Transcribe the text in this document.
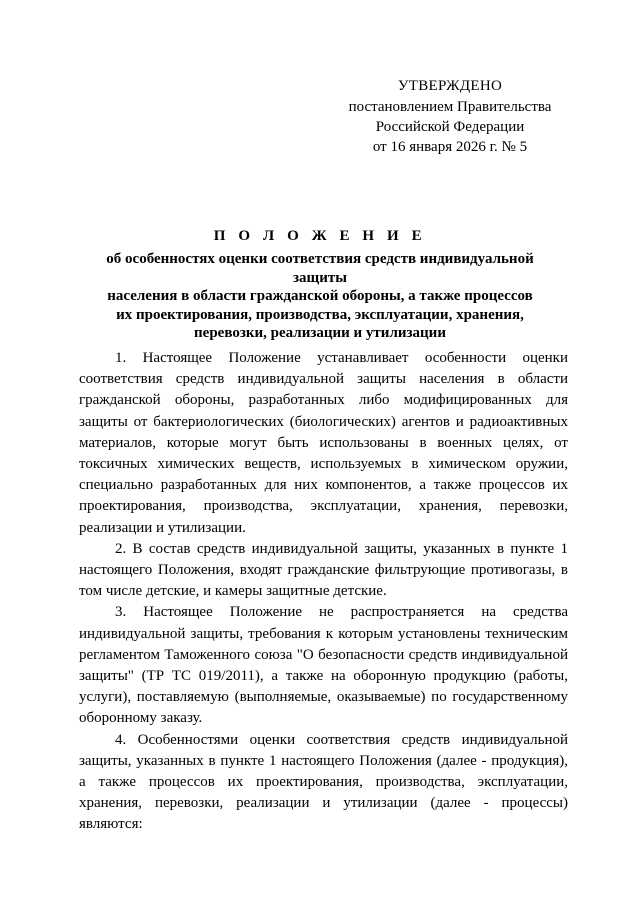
УТВЕРЖДЕНО
постановлением Правительства
Российской Федерации
от 16 января 2026 г. № 5
П О Л О Ж Е Н И Е
об особенностях оценки соответствия средств индивидуальной защиты
населения в области гражданской обороны, а также процессов
их проектирования, производства, эксплуатации, хранения,
перевозки, реализации и утилизации

1. Настоящее Положение устанавливает особенности оценки соответствия средств индивидуальной защиты населения в области гражданской обороны, разработанных либо модифицированных для защиты от бактериологических (биологических) агентов и радиоактивных материалов, которые могут быть использованы в военных целях, от токсичных химических веществ, используемых в химическом оружии, специально разработанных для них компонентов, а также процессов их проектирования, производства, эксплуатации, хранения, перевозки, реализации и утилизации.

2. В состав средств индивидуальной защиты, указанных в пункте 1 настоящего Положения, входят гражданские фильтрующие противогазы, в том числе детские, и камеры защитные детские.

3. Настоящее Положение не распространяется на средства индивидуальной защиты, требования к которым установлены техническим регламентом Таможенного союза "О безопасности средств индивидуальной защиты" (ТР ТС 019/2011), а также на оборонную продукцию (работы, услуги), поставляемую (выполняемые, оказываемые) по государственному оборонному заказу.

4. Особенностями оценки соответствия средств индивидуальной защиты, указанных в пункте 1 настоящего Положения (далее - продукция), а также процессов их проектирования, производства, эксплуатации, хранения, перевозки, реализации и утилизации (далее - процессы) являются:
